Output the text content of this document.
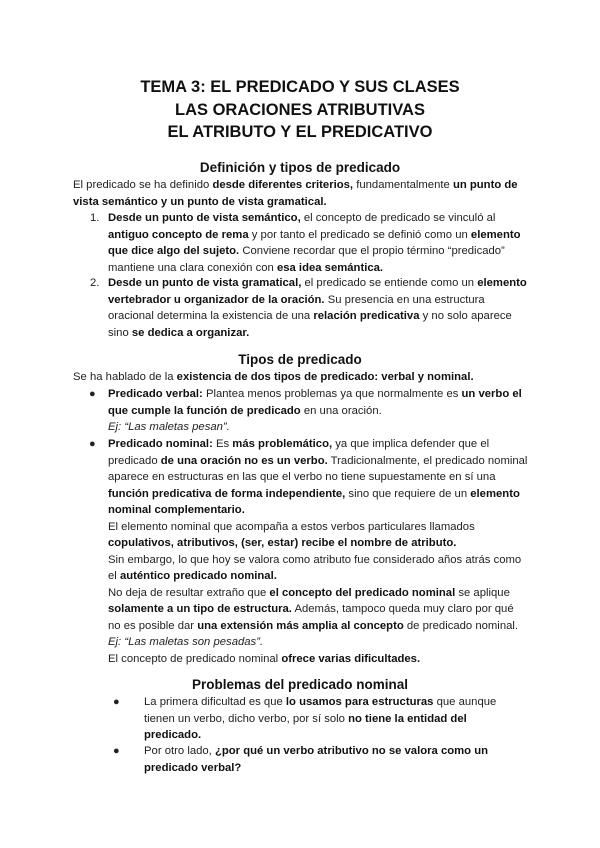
TEMA 3: EL PREDICADO Y SUS CLASES
LAS ORACIONES ATRIBUTIVAS
EL ATRIBUTO Y EL PREDICATIVO
Definición y tipos de predicado

El predicado se ha definido desde diferentes criterios, fundamentalmente un punto de vista semántico y un punto de vista gramatical.

1. Desde un punto de vista semántico, el concepto de predicado se vinculó al antiguo concepto de rema y por tanto el predicado se definió como un elemento que dice algo del sujeto. Conviene recordar que el propio término “predicado” mantiene una clara conexión con esa idea semántica.

2. Desde un punto de vista gramatical, el predicado se entiende como un elemento vertebrador u organizador de la oración. Su presencia en una estructura oracional determina la existencia de una relación predicativa y no solo aparece sino se dedica a organizar.

Tipos de predicado

Se ha hablado de la existencia de dos tipos de predicado: verbal y nominal.

● Predicado verbal: Plantea menos problemas ya que normalmente es un verbo el que cumple la función de predicado en una oración.
Ej: “Las maletas pesan”.

● Predicado nominal: Es más problemático, ya que implica defender que el predicado de una oración no es un verbo. Tradicionalmente, el predicado nominal aparece en estructuras en las que el verbo no tiene supuestamente en sí una función predicativa de forma independiente, sino que requiere de un elemento nominal complementario.

El elemento nominal que acompaña a estos verbos particulares llamados copulativos, atributivos, (ser, estar) recibe el nombre de atributo.

Sin embargo, lo que hoy se valora como atributo fue considerado años atrás como el auténtico predicado nominal.

No deja de resultar extraño que el concepto del predicado nominal se aplique solamente a un tipo de estructura. Además, tampoco queda muy claro por qué no es posible dar una extensión más amplia al concepto de predicado nominal. Ej: “Las maletas son pesadas”.

El concepto de predicado nominal ofrece varias dificultades.

Problemas del predicado nominal
● La primera dificultad es que lo usamos para estructuras que aunque tienen un verbo, dicho verbo, por sí solo no tiene la entidad del predicado.

● Por otro lado, ¿por qué un verbo atributivo no se valora como un predicado verbal?
